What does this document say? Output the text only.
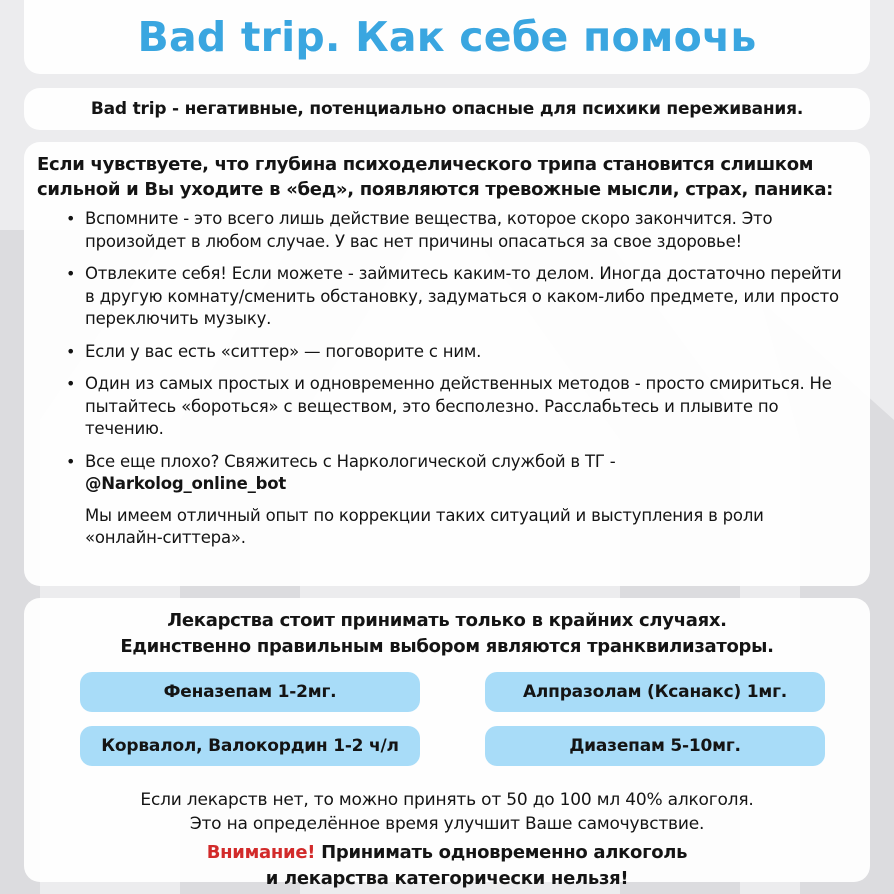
Bad trip. Как себе помочь

Bad trip - негативные, потенциально опасные для психики переживания.

Если чувствуете, что глубина психоделического трипа становится слишком
сильной и Вы уходите в «бед», появляются тревожные мысли, страх, паника:

• Вспомните - это всего лишь действие вещества, которое скоро закончится. Это произойдет в любом случае. У вас нет причины опасаться за свое здоровье!
• Отвлеките себя! Если можете - займитесь каким-то делом. Иногда достаточно перейти в другую комнату/сменить обстановку, задуматься о каком-либо предмете, или просто переключить музыку.
• Если у вас есть «ситтер» — поговорите с ним.
• Один из самых простых и одновременно действенных методов - просто смириться. Не пытайтесь «бороться» с веществом, это бесполезно. Расслабьтесь и плывите по течению.
• Все еще плохо? Свяжитесь с Наркологической службой в ТГ -
@Narkolog_online_bot
Мы имеем отличный опыт по коррекции таких ситуаций и выступления в роли «онлайн-ситтера».

Лекарства стоит принимать только в крайних случаях.
Единственно правильным выбором являются транквилизаторы.

Феназепам 1-2мг.	Алпразолам (Ксанакс) 1мг.
Корвалол, Валокордин 1-2 ч/л	Диазепам 5-10мг.

Если лекарств нет, то можно принять от 50 до 100 мл 40% алкоголя.
Это на определённое время улучшит Ваше самочувствие.

Внимание! Принимать одновременно алкоголь
и лекарства категорически нельзя!
